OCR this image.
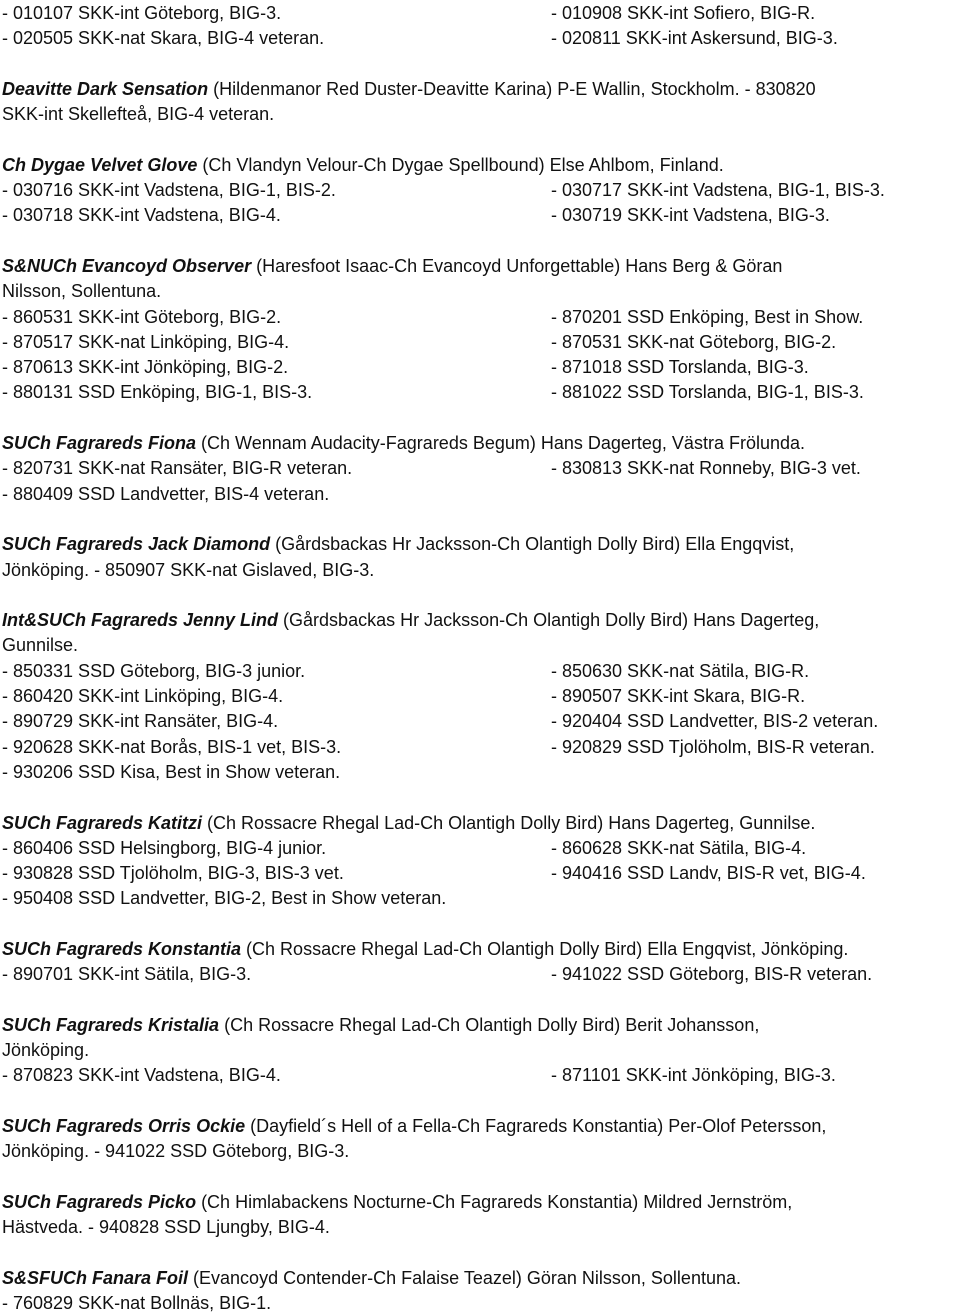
- 010107 SKK-int Göteborg, BIG-3.	- 010908 SKK-int Sofiero, BIG-R.
- 020505 SKK-nat Skara, BIG-4 veteran.	- 020811 SKK-int Askersund, BIG-3.
Deavitte Dark Sensation (Hildenmanor Red Duster-Deavitte Karina) P-E Wallin, Stockholm. - 830820
SKK-int Skellefteå, BIG-4 veteran.
Ch Dygae Velvet Glove (Ch Vlandyn Velour-Ch Dygae Spellbound) Else Ahlbom, Finland.
- 030716 SKK-int Vadstena, BIG-1, BIS-2.	- 030717 SKK-int Vadstena, BIG-1, BIS-3.
- 030718 SKK-int Vadstena, BIG-4.	- 030719 SKK-int Vadstena, BIG-3.
S&NUCh Evancoyd Observer (Haresfoot Isaac-Ch Evancoyd Unforgettable) Hans Berg & Göran
Nilsson, Sollentuna.
- 860531 SKK-int Göteborg, BIG-2.	- 870201 SSD Enköping, Best in Show.
- 870517 SKK-nat Linköping, BIG-4.	- 870531 SKK-nat Göteborg, BIG-2.
- 870613 SKK-int Jönköping, BIG-2.	- 871018 SSD Torslanda, BIG-3.
- 880131 SSD Enköping, BIG-1, BIS-3.	- 881022 SSD Torslanda, BIG-1, BIS-3.
SUCh Fagrareds Fiona (Ch Wennam Audacity-Fagrareds Begum) Hans Dagerteg, Västra Frölunda.
- 820731 SKK-nat Ransäter, BIG-R veteran.	- 830813 SKK-nat Ronneby, BIG-3 vet.
- 880409 SSD Landvetter, BIS-4 veteran.
SUCh Fagrareds Jack Diamond (Gårdsbackas Hr Jacksson-Ch Olantigh Dolly Bird) Ella Engqvist,
Jönköping. - 850907 SKK-nat Gislaved, BIG-3.
Int&SUCh Fagrareds Jenny Lind (Gårdsbackas Hr Jacksson-Ch Olantigh Dolly Bird) Hans Dagerteg,
Gunnilse.
- 850331 SSD Göteborg, BIG-3 junior.	- 850630 SKK-nat Sätila, BIG-R.
- 860420 SKK-int Linköping, BIG-4.	- 890507 SKK-int Skara, BIG-R.
- 890729 SKK-int Ransäter, BIG-4.	- 920404 SSD Landvetter, BIS-2 veteran.
- 920628 SKK-nat Borås, BIS-1 vet, BIS-3.	- 920829 SSD Tjolöholm, BIS-R veteran.
- 930206 SSD Kisa, Best in Show veteran.
SUCh Fagrareds Katitzi (Ch Rossacre Rhegal Lad-Ch Olantigh Dolly Bird) Hans Dagerteg, Gunnilse.
- 860406 SSD Helsingborg, BIG-4 junior.	- 860628 SKK-nat Sätila, BIG-4.
- 930828 SSD Tjolöholm, BIG-3, BIS-3 vet.	- 940416 SSD Landv, BIS-R vet, BIG-4.
- 950408 SSD Landvetter, BIG-2, Best in Show veteran.
SUCh Fagrareds Konstantia (Ch Rossacre Rhegal Lad-Ch Olantigh Dolly Bird) Ella Engqvist, Jönköping.
- 890701 SKK-int Sätila, BIG-3.	- 941022 SSD Göteborg, BIS-R veteran.
SUCh Fagrareds Kristalia (Ch Rossacre Rhegal Lad-Ch Olantigh Dolly Bird) Berit Johansson,
Jönköping.
- 870823 SKK-int Vadstena, BIG-4.	- 871101 SKK-int Jönköping, BIG-3.
SUCh Fagrareds Orris Ockie (Dayfield´s Hell of a Fella-Ch Fagrareds Konstantia) Per-Olof Petersson,
Jönköping. - 941022 SSD Göteborg, BIG-3.
SUCh Fagrareds Picko (Ch Himlabackens Nocturne-Ch Fagrareds Konstantia) Mildred Jernström,
Hästveda. - 940828 SSD Ljungby, BIG-4.
S&SFUCh Fanara Foil (Evancoyd Contender-Ch Falaise Teazel) Göran Nilsson, Sollentuna.
- 760829 SKK-nat Bollnäs, BIG-1.
